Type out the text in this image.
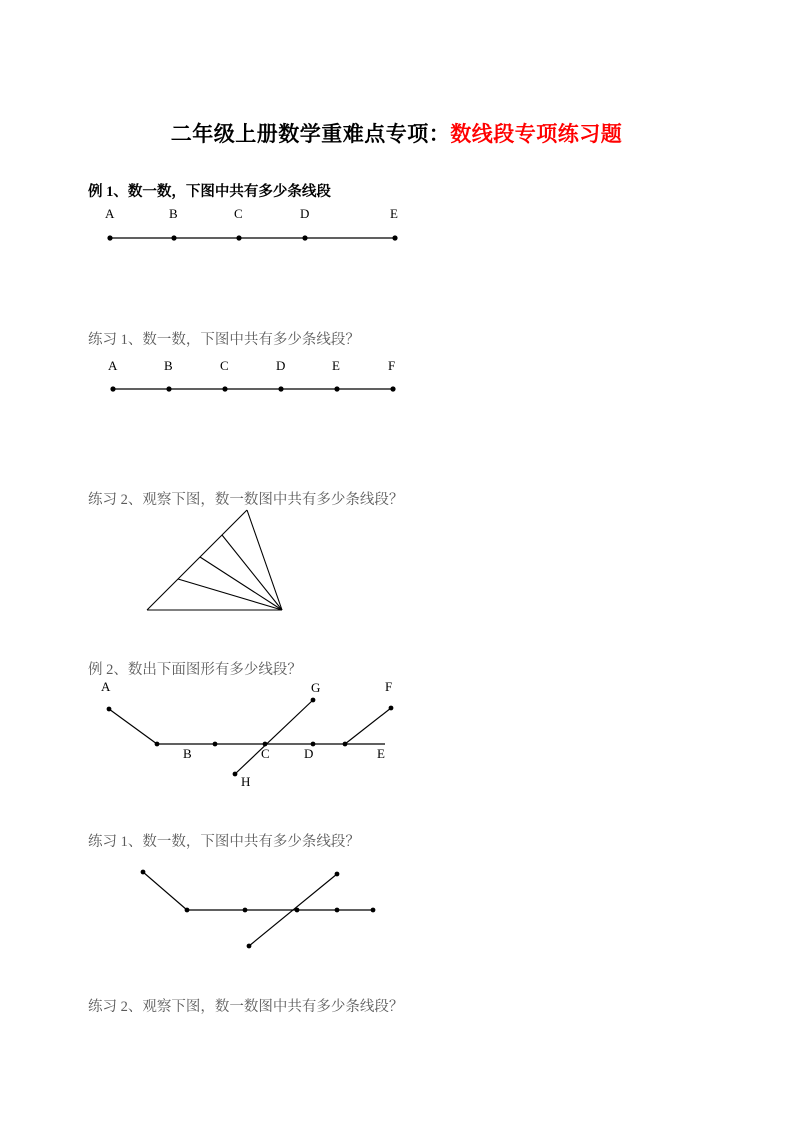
二年级上册数学重难点专项：数线段专项练习题
例 1、数一数，下图中共有多少条线段
A	B	C	D	E
练习 1、数一数，下图中共有多少条线段？
A	B	C	D	E	F
练习 2、观察下图，数一数图中共有多少条线段？
例 2、数出下面图形有多少线段？
A	G	F
B	C	D	E
H
练习 1、数一数，下图中共有多少条线段？
练习 2、观察下图，数一数图中共有多少条线段？
